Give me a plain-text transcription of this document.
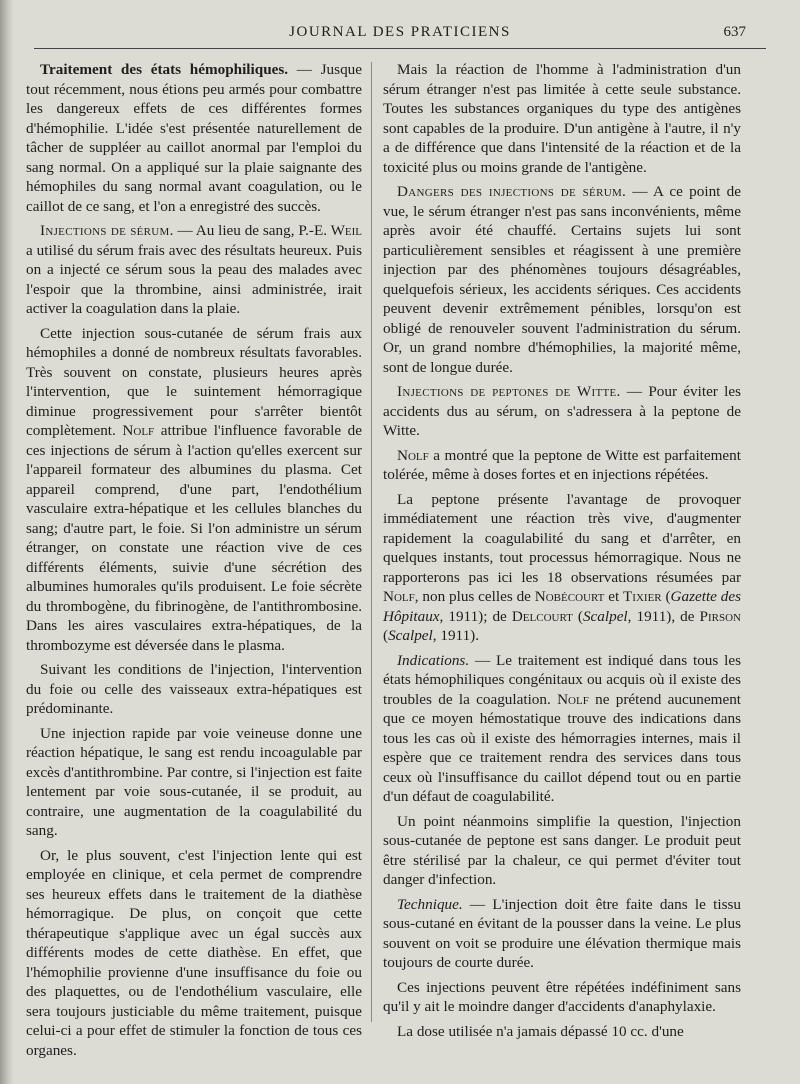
JOURNAL DES PRATICIENS	637

Traitement des états hémophiliques. — Jusque tout récemment, nous étions peu armés pour combattre les dangereux effets de ces différentes formes d'hémophilie. L'idée s'est présentée naturellement de tâcher de suppléer au caillot anormal par l'emploi du sang normal. On a appliqué sur la plaie saignante des hémophiles du sang normal avant coagulation, ou le caillot de ce sang, et l'on a enregistré des succès.

Injections de sérum. — Au lieu de sang, P.-E. Weil a utilisé du sérum frais avec des résultats heureux. Puis on a injecté ce sérum sous la peau des malades avec l'espoir que la thrombine, ainsi administrée, irait activer la coagulation dans la plaie.

Cette injection sous-cutanée de sérum frais aux hémophiles a donné de nombreux résultats favorables. Très souvent on constate, plusieurs heures après l'intervention, que le suintement hémorragique diminue progressivement pour s'arrêter bientôt complètement. Nolf attribue l'influence favorable de ces injections de sérum à l'action qu'elles exercent sur l'appareil formateur des albumines du plasma. Cet appareil comprend, d'une part, l'endothélium vasculaire extra-hépatique et les cellules blanches du sang; d'autre part, le foie. Si l'on administre un sérum étranger, on constate une réaction vive de ces différents éléments, suivie d'une sécrétion des albumines humorales qu'ils produisent. Le foie sécrète du thrombogène, du fibrinogène, de l'antithrombosine. Dans les aires vasculaires extra-hépatiques, de la thrombozyme est déversée dans le plasma.

Suivant les conditions de l'injection, l'intervention du foie ou celle des vaisseaux extra-hépatiques est prédominante.

Une injection rapide par voie veineuse donne une réaction hépatique, le sang est rendu incoagulable par excès d'antithrombine. Par contre, si l'injection est faite lentement par voie sous-cutanée, il se produit, au contraire, une augmentation de la coagulabilité du sang.

Or, le plus souvent, c'est l'injection lente qui est employée en clinique, et cela permet de comprendre ses heureux effets dans le traitement de la diathèse hémorragique. De plus, on conçoit que cette thérapeutique s'applique avec un égal succès aux différents modes de cette diathèse. En effet, que l'hémophilie provienne d'une insuffisance du foie ou des plaquettes, ou de l'endothélium vasculaire, elle sera toujours justiciable du même traitement, puisque celui-ci a pour effet de stimuler la fonction de tous ces organes.

Mais la réaction de l'homme à l'administration d'un sérum étranger n'est pas limitée à cette seule substance. Toutes les substances organiques du type des antigènes sont capables de la produire. D'un antigène à l'autre, il n'y a de différence que dans l'intensité de la réaction et de la toxicité plus ou moins grande de l'antigène.

Dangers des injections de sérum. — A ce point de vue, le sérum étranger n'est pas sans inconvénients, même après avoir été chauffé. Certains sujets lui sont particulièrement sensibles et réagissent à une première injection par des phénomènes toujours désagréables, quelquefois sérieux, les accidents sériques. Ces accidents peuvent devenir extrêmement pénibles, lorsqu'on est obligé de renouveler souvent l'administration du sérum. Or, un grand nombre d'hémophilies, la majorité même, sont de longue durée.

Injections de peptones de Witte. — Pour éviter les accidents dus au sérum, on s'adressera à la peptone de Witte.

Nolf a montré que la peptone de Witte est parfaitement tolérée, même à doses fortes et en injections répétées.

La peptone présente l'avantage de provoquer immédiatement une réaction très vive, d'augmenter rapidement la coagulabilité du sang et d'arrêter, en quelques instants, tout processus hémorragique. Nous ne rapporterons pas ici les 18 observations résumées par Nolf, non plus celles de Nobécourt et Tixier (Gazette des Hôpitaux, 1911); de Delcourt (Scalpel, 1911), de Pirson (Scalpel, 1911).

Indications. — Le traitement est indiqué dans tous les états hémophiliques congénitaux ou acquis où il existe des troubles de la coagulation. Nolf ne prétend aucunement que ce moyen hémostatique trouve des indications dans tous les cas où il existe des hémorragies internes, mais il espère que ce traitement rendra des services dans tous ceux où l'insuffisance du caillot dépend tout ou en partie d'un défaut de coagulabilité.

Un point néanmoins simplifie la question, l'injection sous-cutanée de peptone est sans danger. Le produit peut être stérilisé par la chaleur, ce qui permet d'éviter tout danger d'infection.

Technique. — L'injection doit être faite dans le tissu sous-cutané en évitant de la pousser dans la veine. Le plus souvent on voit se produire une élévation thermique mais toujours de courte durée.

Ces injections peuvent être répétées indéfiniment sans qu'il y ait le moindre danger d'accidents d'anaphylaxie.

La dose utilisée n'a jamais dépassé 10 cc. d'une
